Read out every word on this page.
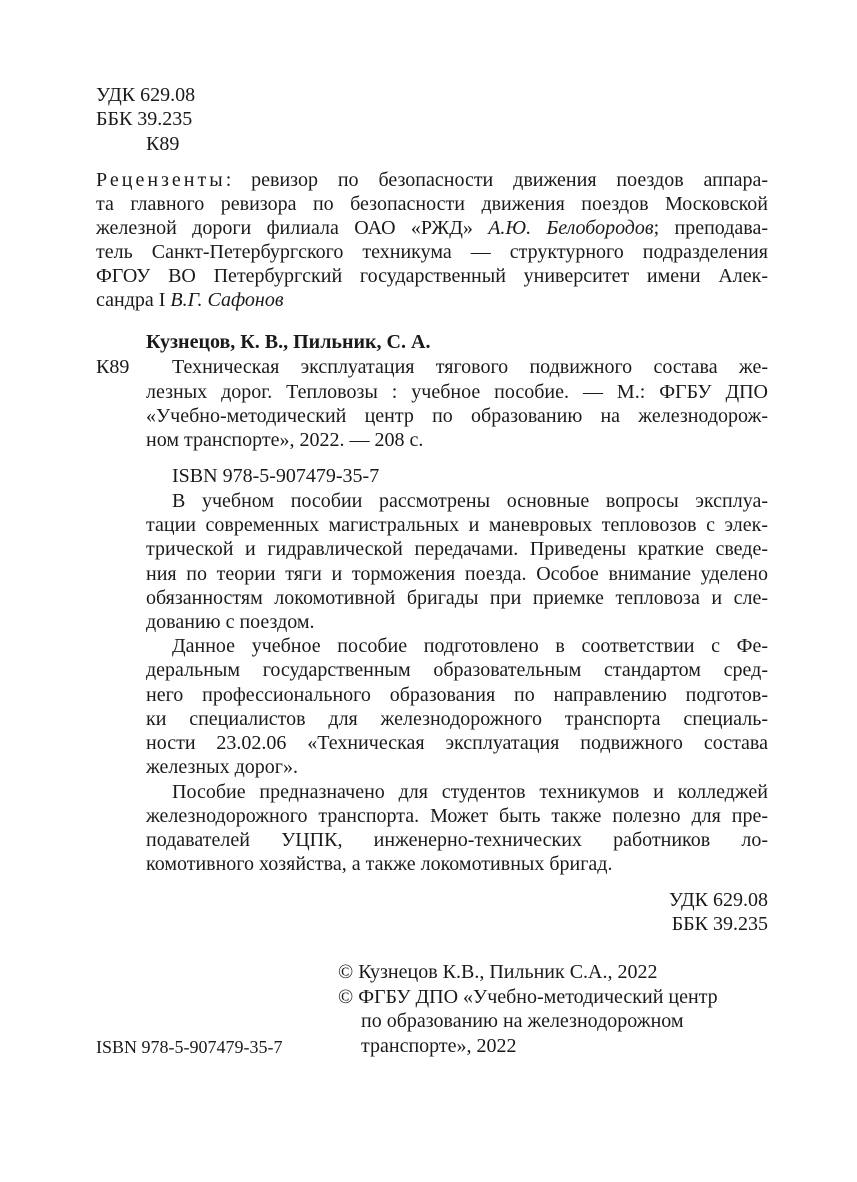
УДК 629.08
ББК 39.235
К89
Рецензенты: ревизор по безопасности движения поездов аппара-
та главного ревизора по безопасности движения поездов Московской
железной дороги филиала ОАО «РЖД» А.Ю. Белобородов; преподава-
тель Санкт-Петербургского техникума — структурного подразделения
ФГОУ ВО Петербургский государственный университет имени Алек-
сандра I В.Г. Сафонов
Кузнецов, К. В., Пильник, С. А.
К89 Техническая эксплуатация тягового подвижного состава же-
лезных дорог. Тепловозы : учебное пособие. — М.: ФГБУ ДПО
«Учебно-методический центр по образованию на железнодорож-
ном транспорте», 2022. — 208 с.
ISBN 978-5-907479-35-7
В учебном пособии рассмотрены основные вопросы эксплуа-
тации современных магистральных и маневровых тепловозов с элек-
трической и гидравлической передачами. Приведены краткие сведе-
ния по теории тяги и торможения поезда. Особое внимание уделено
обязанностям локомотивной бригады при приемке тепловоза и сле-
дованию с поездом.
Данное учебное пособие подготовлено в соответствии с Фе-
деральным государственным образовательным стандартом сред-
него профессионального образования по направлению подготов-
ки специалистов для железнодорожного транспорта специаль-
ности 23.02.06 «Техническая эксплуатация подвижного состава
железных дорог».
Пособие предназначено для студентов техникумов и колледжей
железнодорожного транспорта. Может быть также полезно для пре-
подавателей УЦПК, инженерно-технических работников ло-
комотивного хозяйства, а также локомотивных бригад.
УДК 629.08
ББК 39.235
© Кузнецов К.В., Пильник С.А., 2022
© ФГБУ ДПО «Учебно-методический центр
по образованию на железнодорожном
транспорте», 2022
ISBN 978-5-907479-35-7
